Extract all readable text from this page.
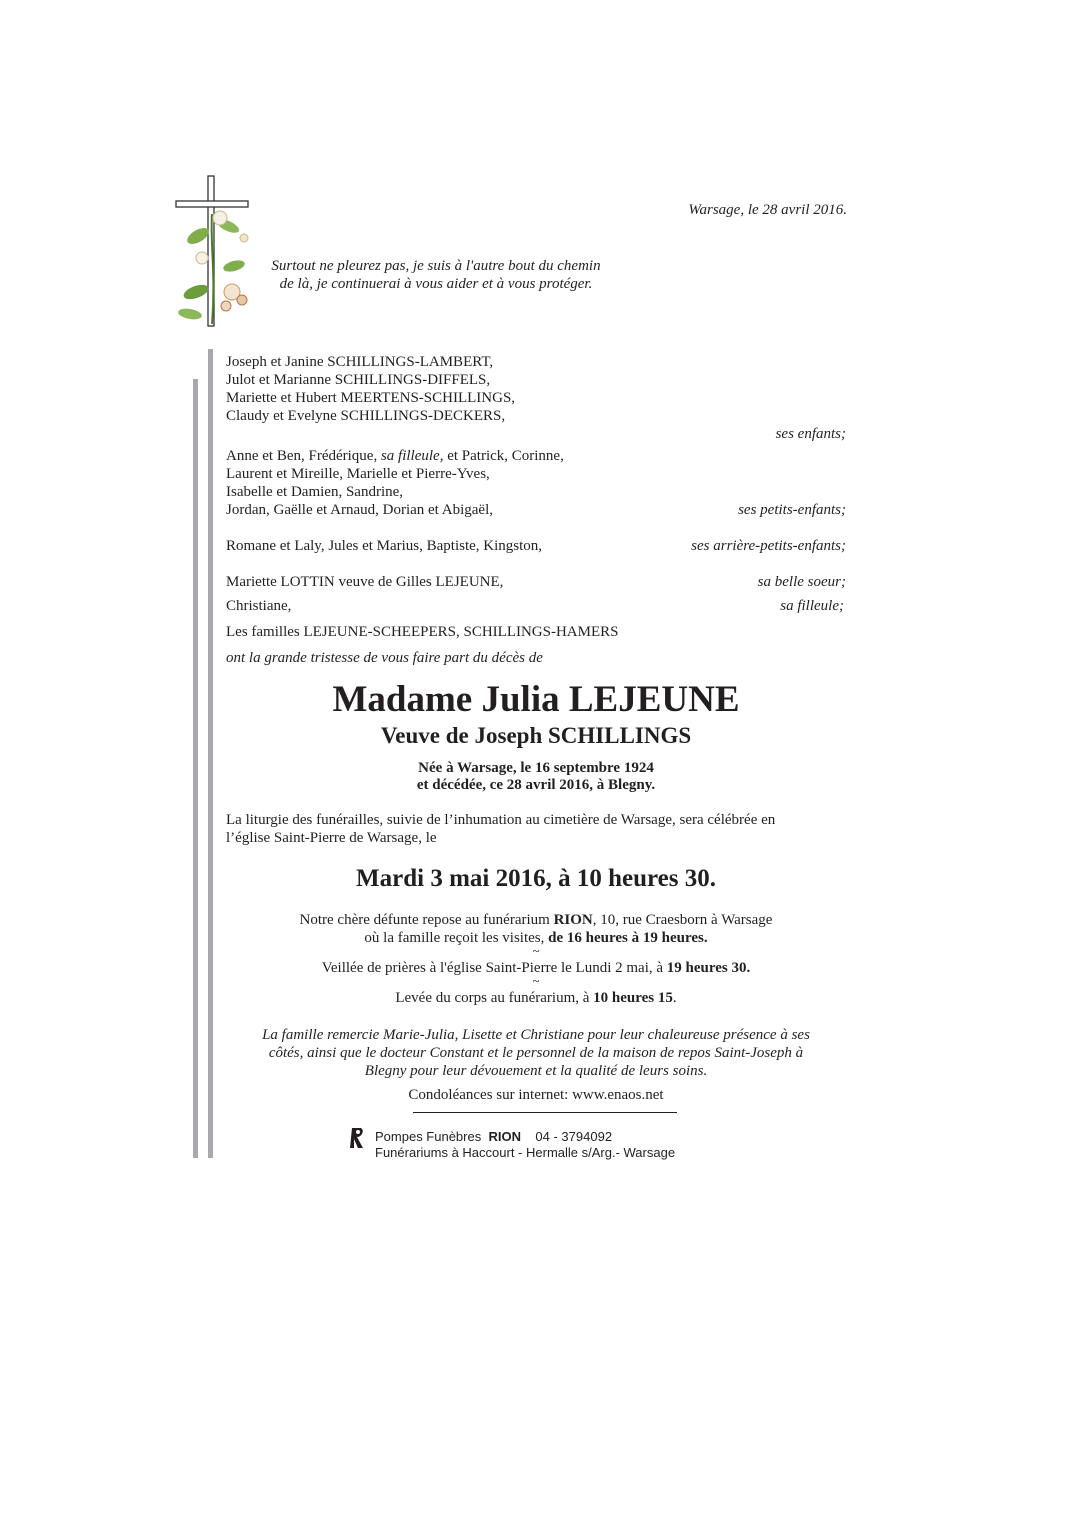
Warsage, le 28 avril 2016.
Surtout ne pleurez pas, je suis à l'autre bout du chemin
de là, je continuerai à vous aider et à vous protéger.
Joseph et Janine SCHILLINGS-LAMBERT,
Julot et Marianne SCHILLINGS-DIFFELS,
Mariette et Hubert MEERTENS-SCHILLINGS,
Claudy et Evelyne SCHILLINGS-DECKERS,
ses enfants;
Anne et Ben, Frédérique, sa filleule, et Patrick, Corinne,
Laurent et Mireille, Marielle et Pierre-Yves,
Isabelle et Damien, Sandrine,
Jordan, Gaëlle et Arnaud, Dorian et Abigaël,	ses petits-enfants;
Romane et Laly, Jules et Marius, Baptiste, Kingston,	ses arrière-petits-enfants;
Mariette LOTTIN veuve de Gilles LEJEUNE,	sa belle soeur;
Christiane,	sa filleule;
Les familles LEJEUNE-SCHEEPERS, SCHILLINGS-HAMERS
ont la grande tristesse de vous faire part du décès de
Madame Julia LEJEUNE
Veuve de Joseph SCHILLINGS
Née à Warsage, le 16 septembre 1924
et décédée, ce 28 avril 2016, à Blegny.
La liturgie des funérailles, suivie de l’inhumation au cimetière de Warsage, sera célébrée en
l’église Saint-Pierre de Warsage, le
Mardi 3 mai 2016, à 10 heures 30.
Notre chère défunte repose au funérarium RION, 10, rue Craesborn à Warsage
où la famille reçoit les visites, de 16 heures à 19 heures.
~
Veillée de prières à l'église Saint-Pierre le Lundi 2 mai, à 19 heures 30.
~
Levée du corps au funérarium, à 10 heures 15.
La famille remercie Marie-Julia, Lisette et Christiane pour leur chaleureuse présence à ses
côtés, ainsi que le docteur Constant et le personnel de la maison de repos Saint-Joseph à
Blegny pour leur dévouement et la qualité de leurs soins.
Condoléances sur internet: www.enaos.net
Pompes Funèbres RION 04 - 3794092
Funérariums à Haccourt - Hermalle s/Arg.- Warsage
